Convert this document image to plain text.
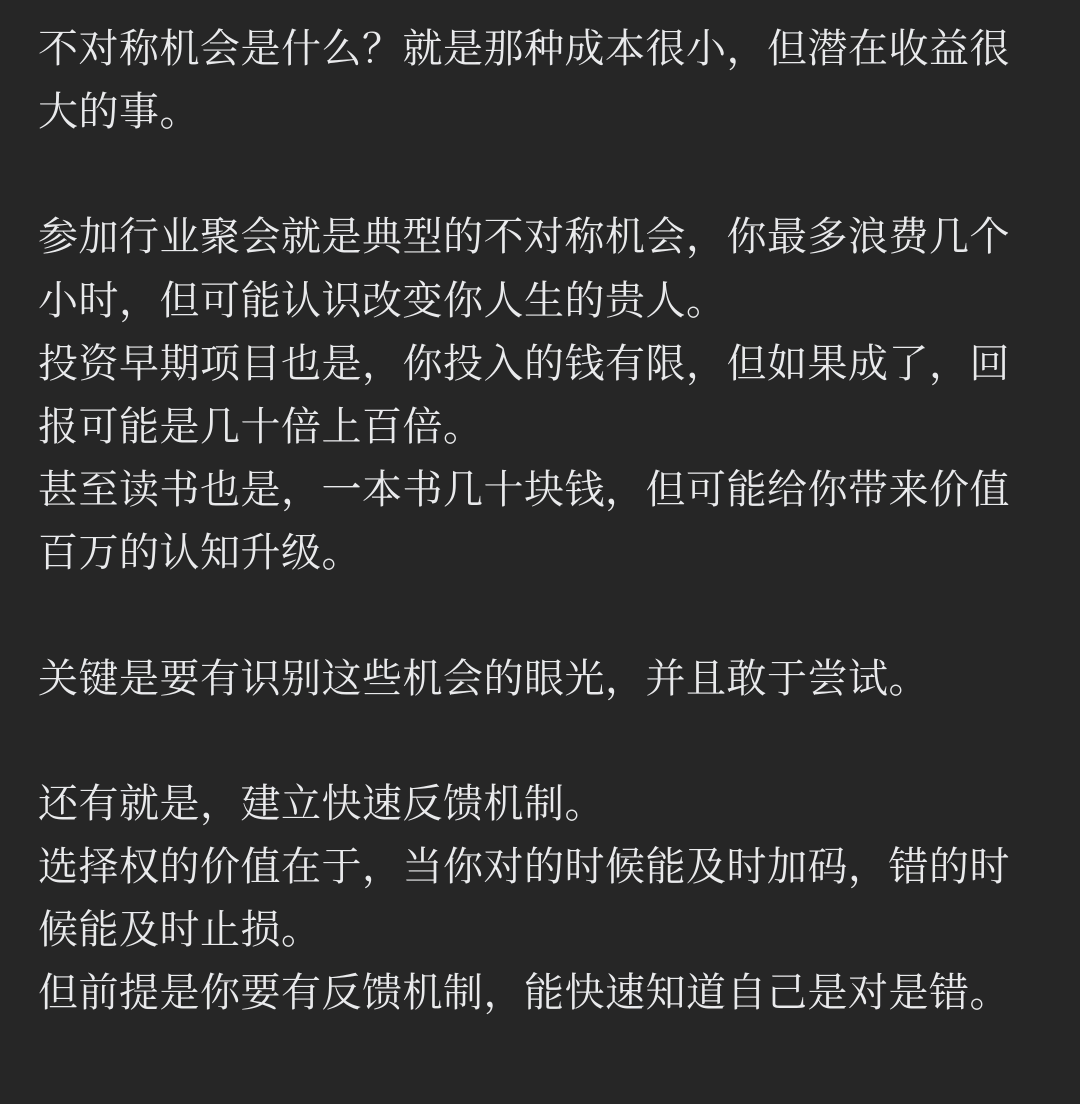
不对称机会是什么？就是那种成本很小，但潜在收益很大的事。

参加行业聚会就是典型的不对称机会，你最多浪费几个小时，但可能认识改变你人生的贵人。

投资早期项目也是，你投入的钱有限，但如果成了，回报可能是几十倍上百倍。

甚至读书也是，一本书几十块钱，但可能给你带来价值百万的认知升级。

关键是要有识别这些机会的眼光，并且敢于尝试。

还有就是，建立快速反馈机制。

选择权的价值在于，当你对的时候能及时加码，错的时候能及时止损。

但前提是你要有反馈机制，能快速知道自己是对是错。
